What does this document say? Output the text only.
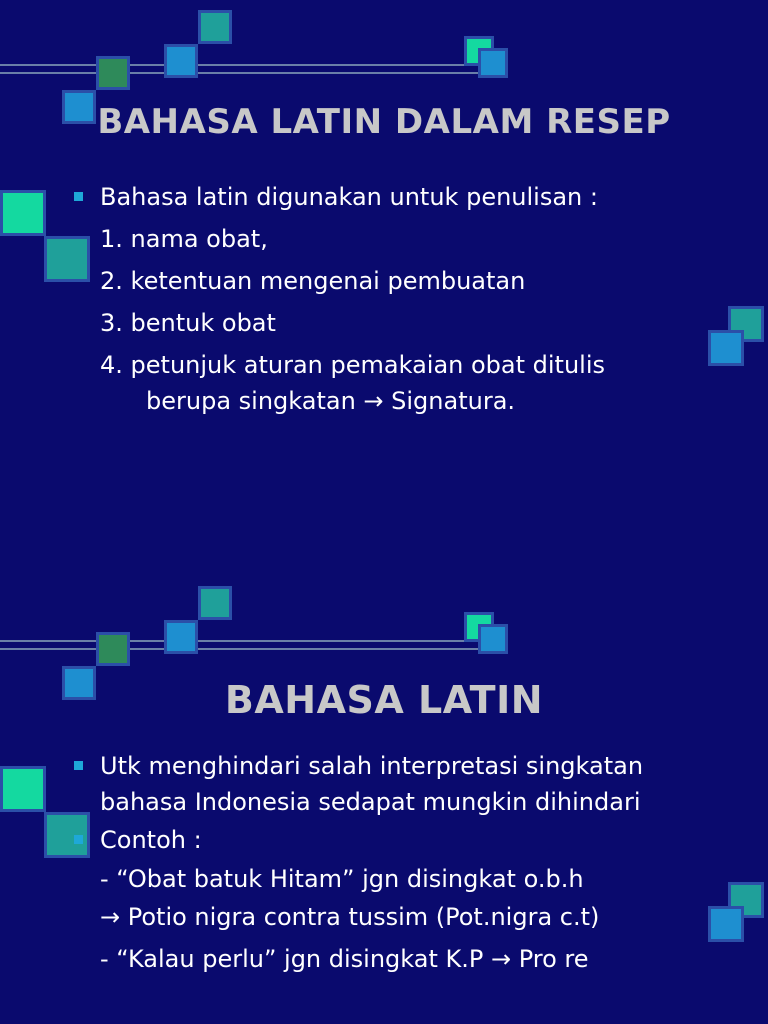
BAHASA LATIN DALAM RESEP
Bahasa latin digunakan untuk penulisan :
1. nama obat,
2. ketentuan mengenai pembuatan
3. bentuk obat
4. petunjuk aturan pemakaian obat ditulis
berupa singkatan → Signatura.
BAHASA LATIN
Utk menghindari salah interpretasi singkatan bahasa Indonesia sedapat mungkin dihindari
Contoh :
- “Obat batuk Hitam” jgn disingkat o.b.h
→ Potio nigra contra tussim (Pot.nigra c.t)
- “Kalau perlu” jgn disingkat K.P → Pro re
